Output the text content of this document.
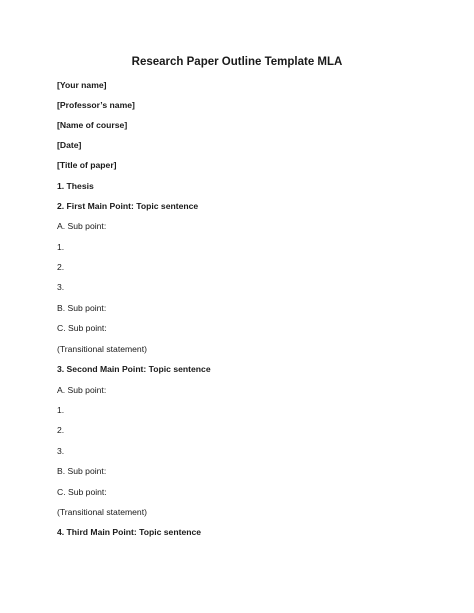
Research Paper Outline Template MLA
[Your name]
[Professor’s name]
[Name of course]
[Date]
[Title of paper]
1. Thesis
2. First Main Point: Topic sentence
A. Sub point:
1.
2.
3.
B. Sub point:
C. Sub point:
(Transitional statement)
3. Second Main Point: Topic sentence
A. Sub point:
1.
2.
3.
B. Sub point:
C. Sub point:
(Transitional statement)
4. Third Main Point: Topic sentence
